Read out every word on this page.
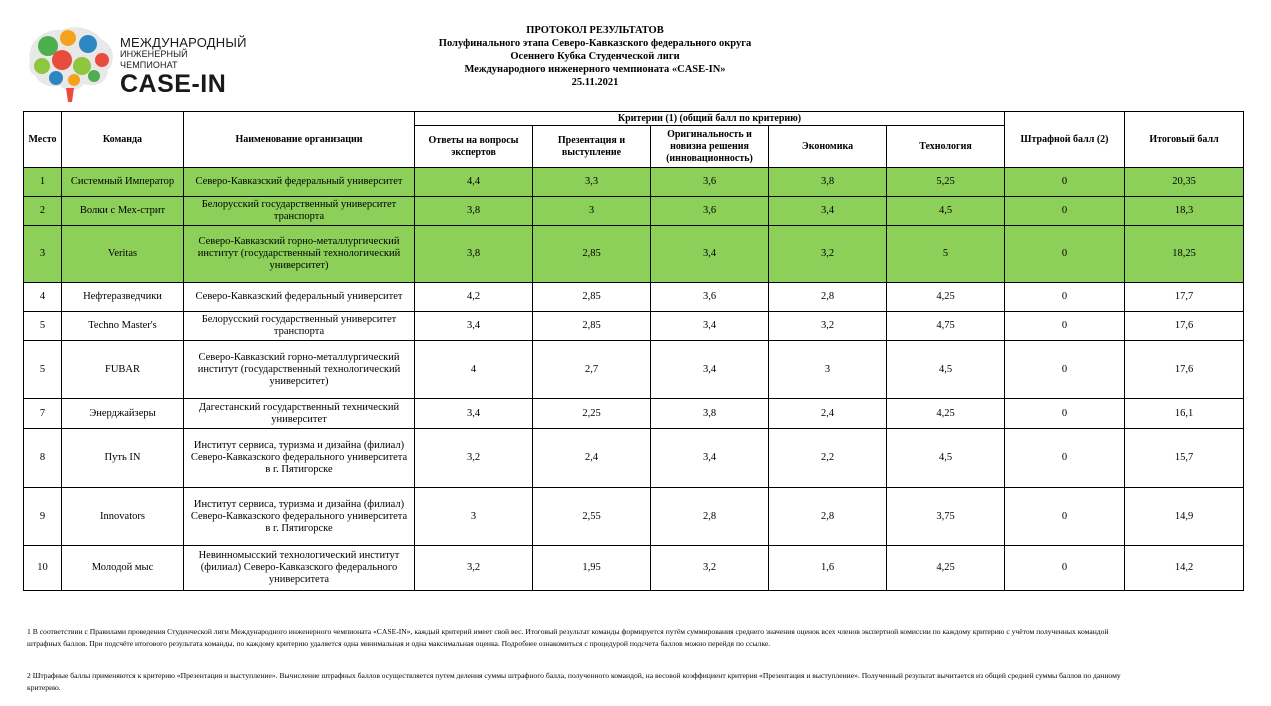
МЕЖДУНАРОДНЫЙ
ИНЖЕНЕРНЫЙ ЧЕМПИОНАТ
CASE-IN
ПРОТОКОЛ РЕЗУЛЬТАТОВ
Полуфинального этапа Северо-Кавказского федерального округа
Осеннего Кубка Студенческой лиги
Международного инженерного чемпионата «CASE-IN»
25.11.2021
Место	Команда	Наименование организации	Критерии (1) (общий балл по критерию)					Штрафной балл (2)	Итоговый балл
			Ответы на вопросы экспертов	Презентация и выступление	Оригинальность и новизна решения (инновационность)	Экономика	Технология		
1	Системный Император	Северо-Кавказский федеральный университет	4,4	3,3	3,6	3,8	5,25	0	20,35
2	Волки с Мех-стрит	Белорусский государственный университет транспорта	3,8	3	3,6	3,4	4,5	0	18,3
3	Veritas	Северо-Кавказский горно-металлургический институт (государственный технологический университет)	3,8	2,85	3,4	3,2	5	0	18,25
4	Нефтеразведчики	Северо-Кавказский федеральный университет	4,2	2,85	3,6	2,8	4,25	0	17,7
5	Techno Master's	Белорусский государственный университет транспорта	3,4	2,85	3,4	3,2	4,75	0	17,6
5	FUBAR	Северо-Кавказский горно-металлургический институт (государственный технологический университет)	4	2,7	3,4	3	4,5	0	17,6
7	Энерджайзеры	Дагестанский государственный технический университет	3,4	2,25	3,8	2,4	4,25	0	16,1
8	Путь IN	Институт сервиса, туризма и дизайна (филиал) Северо-Кавказского федерального университета в г. Пятигорске	3,2	2,4	3,4	2,2	4,5	0	15,7
9	Innovators	Институт сервиса, туризма и дизайна (филиал) Северо-Кавказского федерального университета в г. Пятигорске	3	2,55	2,8	2,8	3,75	0	14,9
10	Молодой мыс	Невинномысский технологический институт (филиал) Северо-Кавказского федерального университета	3,2	1,95	3,2	1,6	4,25	0	14,2
1 В соответствии с Правилами проведения Студенческой лиги Международного инженерного чемпионата «CASE-IN», каждый критерий имеет свой вес. Итоговый результат команды формируется путём суммирования среднего значения оценок всех членов экспертной комиссии по каждому критерию с учётом полученных командой штрафных баллов. При подсчёте итогового результата команды, по каждому критерию удаляется одна минимальная и одна максимальная оценка. Подробнее ознакомиться с процедурой подсчета баллов можно перейдя по ссылке.
2 Штрафные баллы применяются к критерию «Презентация и выступление». Вычисление штрафных баллов осуществляется путем деления суммы штрафного балла, полученного командой, на весовой коэффициент критерия «Презентация и выступление». Полученный результат вычитается из общей средней суммы баллов по данному критерию.
